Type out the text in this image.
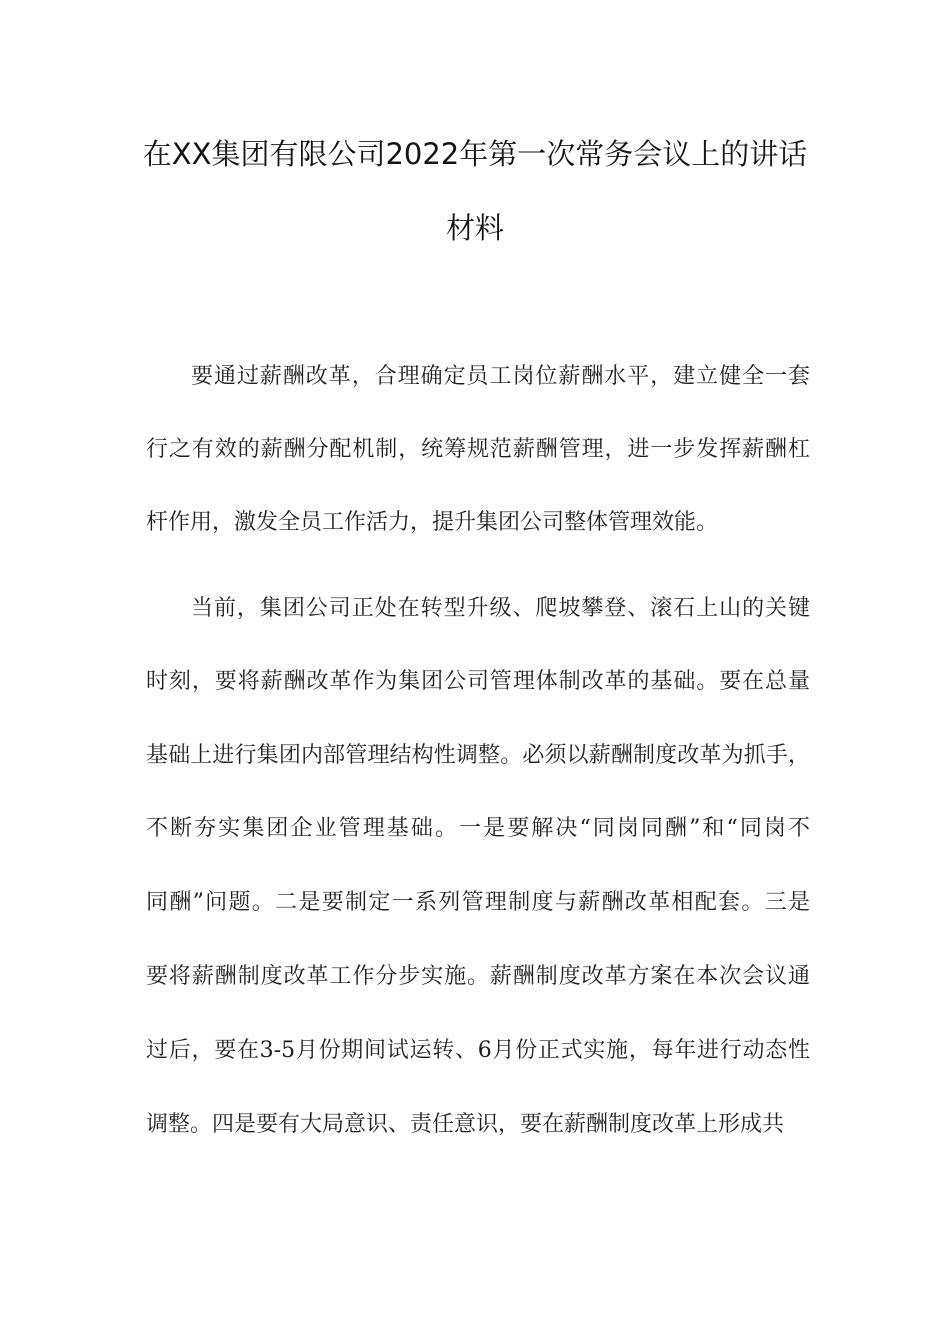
在XX集团有限公司2022年第一次常务会议上的讲话
材料
要通过薪酬改革，合理确定员工岗位薪酬水平，建立健全一套
行之有效的薪酬分配机制，统筹规范薪酬管理，进一步发挥薪酬杠
杆作用，激发全员工作活力，提升集团公司整体管理效能。
当前，集团公司正处在转型升级、爬坡攀登、滚石上山的关键
时刻，要将薪酬改革作为集团公司管理体制改革的基础。要在总量
基础上进行集团内部管理结构性调整。必须以薪酬制度改革为抓手，
不断夯实集团企业管理基础。一是要解决“同岗同酬”和“同岗不
同酬”问题。二是要制定一系列管理制度与薪酬改革相配套。三是
要将薪酬制度改革工作分步实施。薪酬制度改革方案在本次会议通
过后，要在3-5月份期间试运转、6月份正式实施，每年进行动态性
调整。四是要有大局意识、责任意识，要在薪酬制度改革上形成共
